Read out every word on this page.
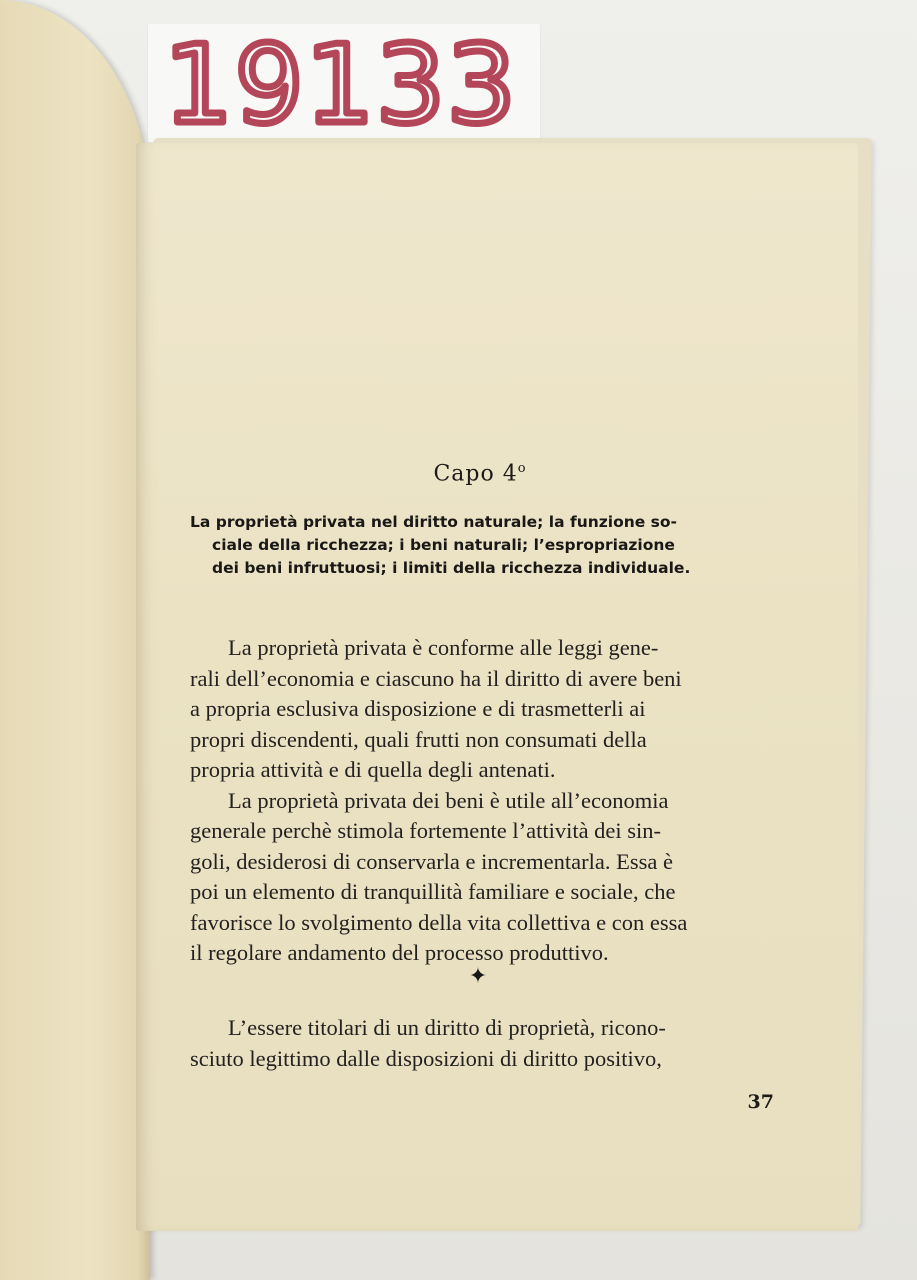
19133
Capo 4$^o$
La proprietà privata nel diritto naturale; la funzione so-
ciale della ricchezza; i beni naturali; l’espropriazione
dei beni infruttuosi; i limiti della ricchezza individuale.
La proprietà privata è conforme alle leggi gene-
rali dell’economia e ciascuno ha il diritto di avere beni
a propria esclusiva disposizione e di trasmetterli ai
propri discendenti, quali frutti non consumati della
propria attività e di quella degli antenati.
La proprietà privata dei beni è utile all’economia
generale perchè stimola fortemente l’attività dei sin-
goli, desiderosi di conservarla e incrementarla. Essa è
poi un elemento di tranquillità familiare e sociale, che
favorisce lo svolgimento della vita collettiva e con essa
il regolare andamento del processo produttivo.
✦
L’essere titolari di un diritto di proprietà, ricono-
sciuto legittimo dalle disposizioni di diritto positivo,
37
